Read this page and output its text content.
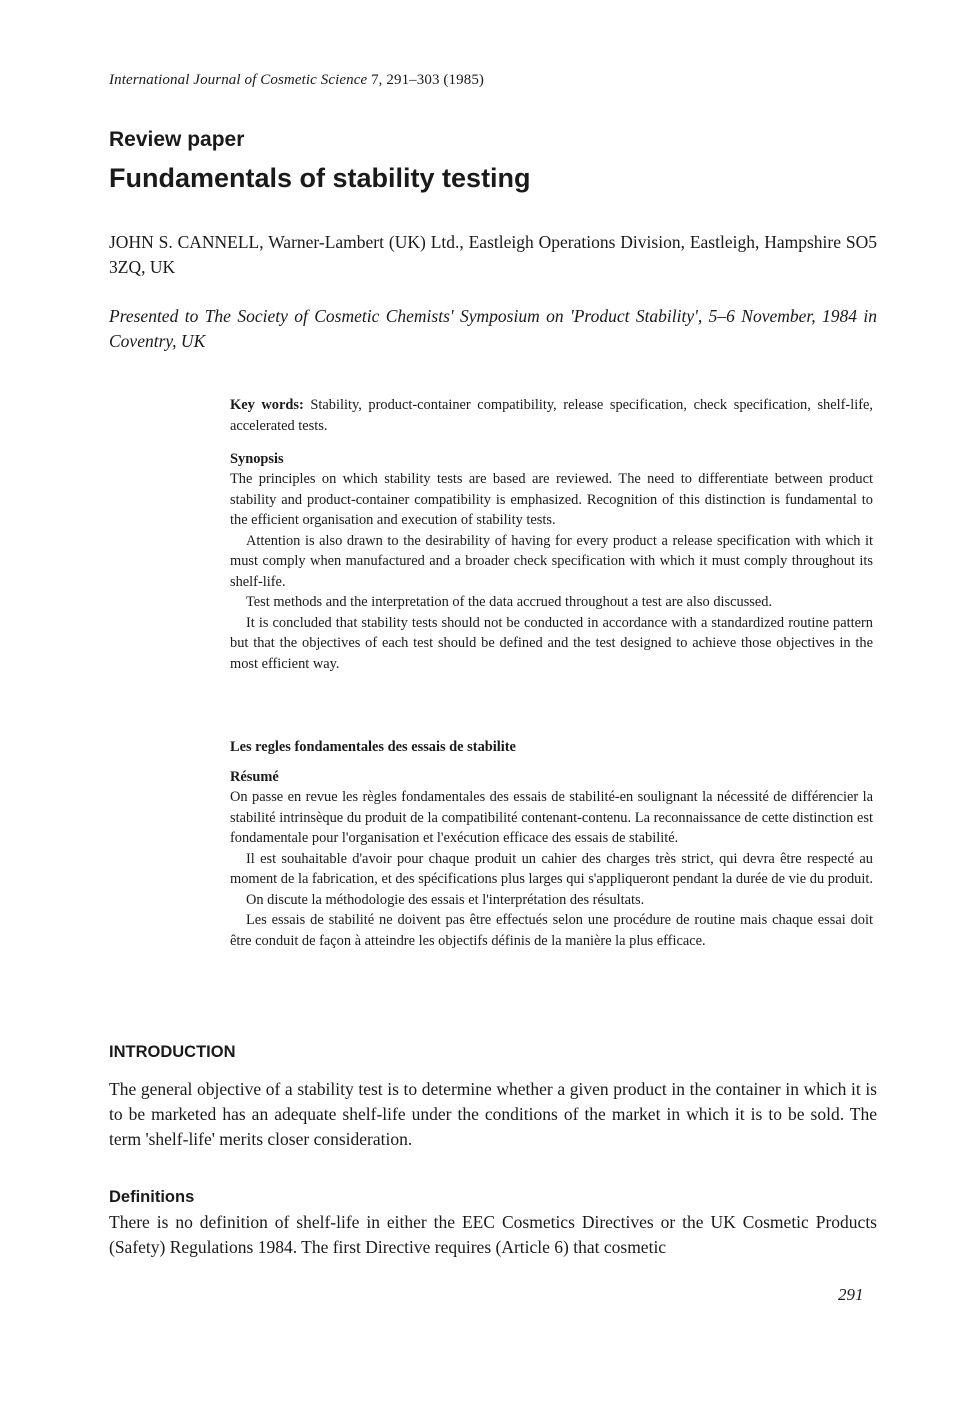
International Journal of Cosmetic Science 7, 291–303 (1985)
Review paper
Fundamentals of stability testing
JOHN S. CANNELL, Warner-Lambert (UK) Ltd., Eastleigh Operations Division, Eastleigh, Hampshire SO5 3ZQ, UK
Presented to The Society of Cosmetic Chemists' Symposium on 'Product Stability', 5–6 November, 1984 in Coventry, UK

Key words: Stability, product-container compatibility, release specification, check specification, shelf-life, accelerated tests.

Synopsis

The principles on which stability tests are based are reviewed. The need to differentiate between product stability and product-container compatibility is emphasized. Recognition of this distinction is fundamental to the efficient organisation and execution of stability tests.

Attention is also drawn to the desirability of having for every product a release specification with which it must comply when manufactured and a broader check specification with which it must comply throughout its shelf-life.

Test methods and the interpretation of the data accrued throughout a test are also discussed.

It is concluded that stability tests should not be conducted in accordance with a standardized routine pattern but that the objectives of each test should be defined and the test designed to achieve those objectives in the most efficient way.

Les regles fondamentales des essais de stabilite
Résumé

On passe en revue les règles fondamentales des essais de stabilité-en soulignant la nécessité de différencier la stabilité intrinsèque du produit de la compatibilité contenant-contenu. La reconnaissance de cette distinction est fondamentale pour l'organisation et l'exécution efficace des essais de stabilité.

Il est souhaitable d'avoir pour chaque produit un cahier des charges très strict, qui devra être respecté au moment de la fabrication, et des spécifications plus larges qui s'appliqueront pendant la durée de vie du produit.

On discute la méthodologie des essais et l'interprétation des résultats.

Les essais de stabilité ne doivent pas être effectués selon une procédure de routine mais chaque essai doit être conduit de façon à atteindre les objectifs définis de la manière la plus efficace.

INTRODUCTION

The general objective of a stability test is to determine whether a given product in the container in which it is to be marketed has an adequate shelf-life under the conditions of the market in which it is to be sold. The term 'shelf-life' merits closer consideration.

Definitions

There is no definition of shelf-life in either the EEC Cosmetics Directives or the UK Cosmetic Products (Safety) Regulations 1984. The first Directive requires (Article 6) that cosmetic

291
